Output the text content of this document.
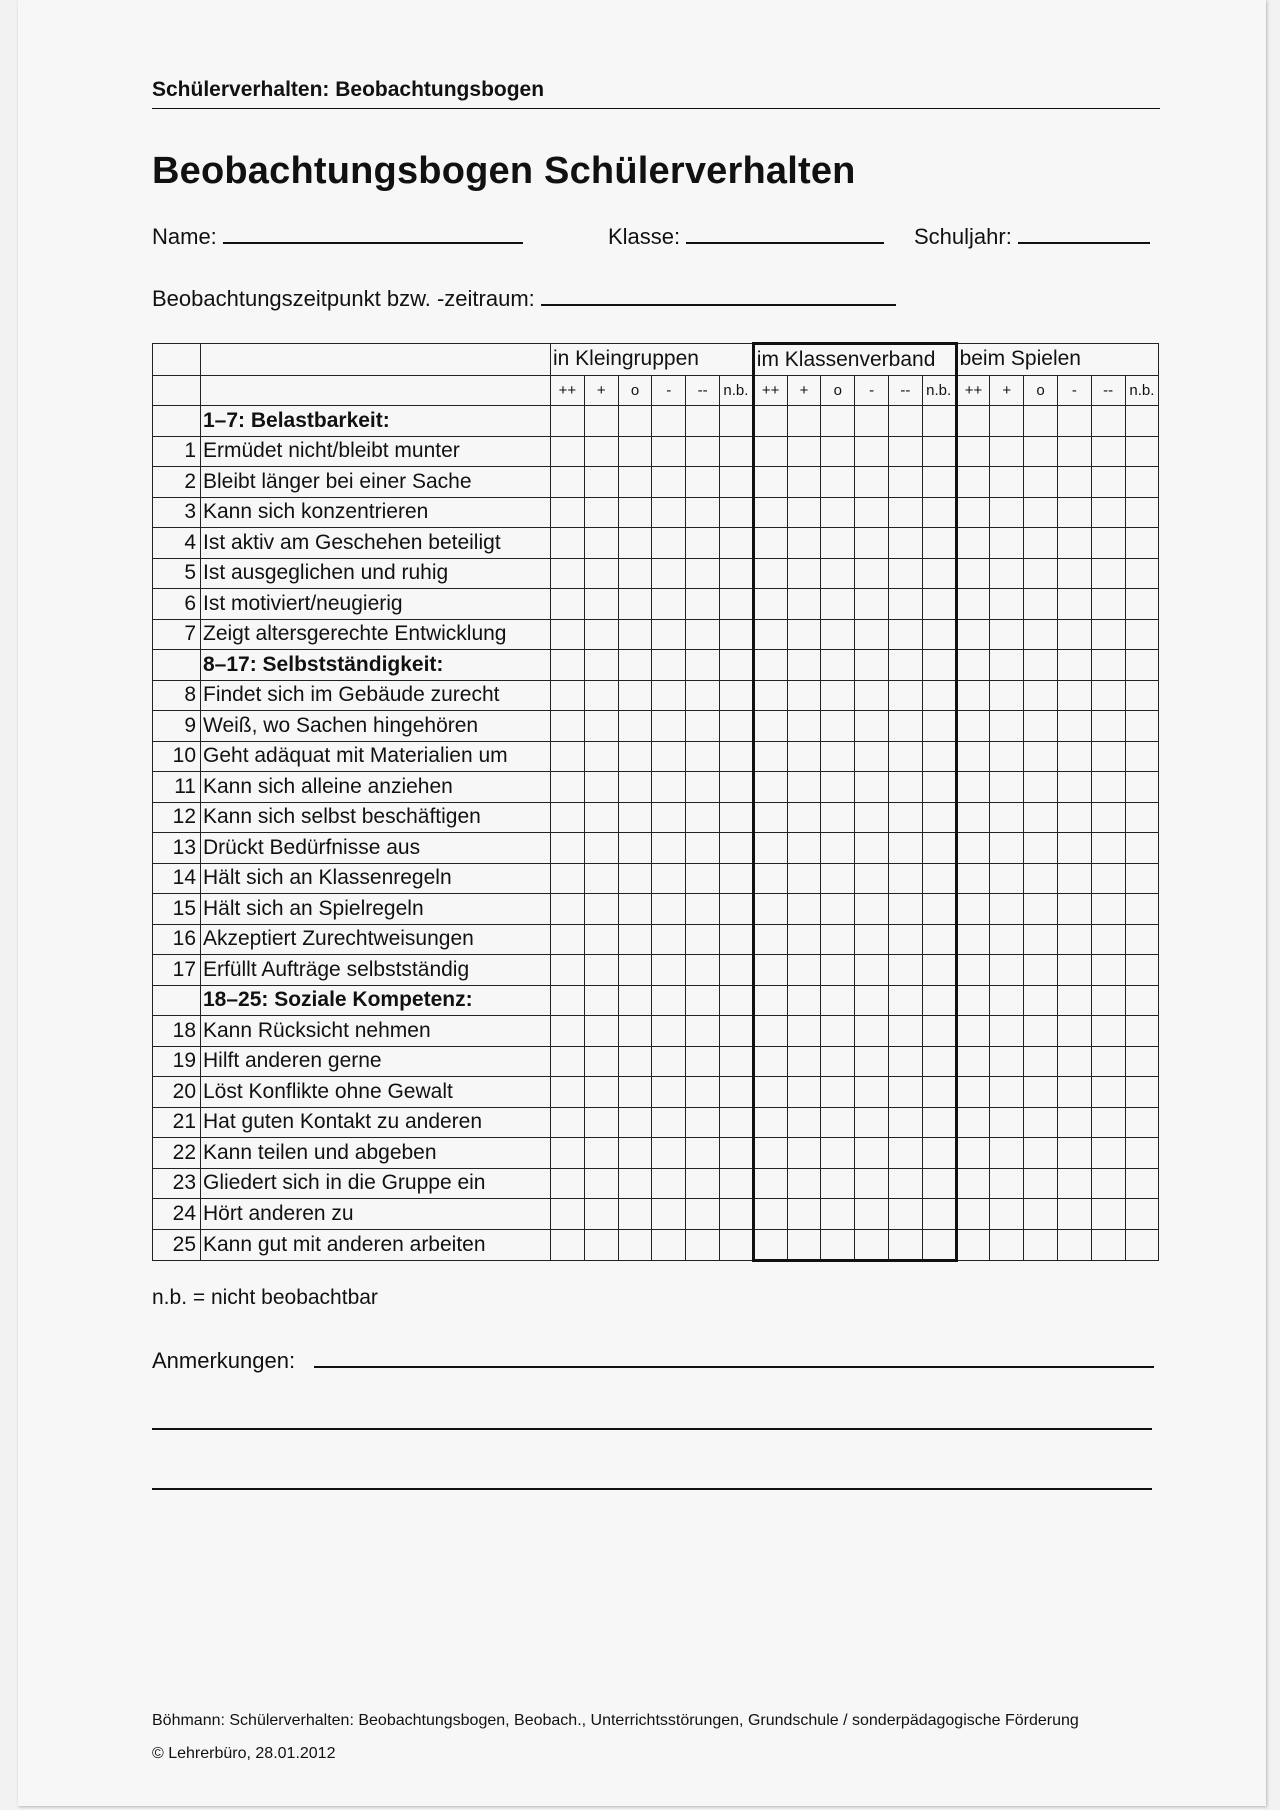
Schülerverhalten: Beobachtungsbogen
Beobachtungsbogen Schülerverhalten
Name:	Klasse:	Schuljahr:
Beobachtungszeitpunkt bzw. -zeitraum:
		in Kleingruppen						im Klassenverband						beim Spielen					
		++	+	o	-	--	n.b.	++	+	o	-	--	n.b.	++	+	o	-	--	n.b.
	1–7: Belastbarkeit:																		
1	Ermüdet nicht/bleibt munter																		
2	Bleibt länger bei einer Sache																		
3	Kann sich konzentrieren																		
4	Ist aktiv am Geschehen beteiligt																		
5	Ist ausgeglichen und ruhig																		
6	Ist motiviert/neugierig																		
7	Zeigt altersgerechte Entwicklung																		
	8–17: Selbstständigkeit:																		
8	Findet sich im Gebäude zurecht																		
9	Weiß, wo Sachen hingehören																		
10	Geht adäquat mit Materialien um																		
11	Kann sich alleine anziehen																		
12	Kann sich selbst beschäftigen																		
13	Drückt Bedürfnisse aus																		
14	Hält sich an Klassenregeln																		
15	Hält sich an Spielregeln																		
16	Akzeptiert Zurechtweisungen																		
17	Erfüllt Aufträge selbstständig																		
	18–25: Soziale Kompetenz:																		
18	Kann Rücksicht nehmen																		
19	Hilft anderen gerne																		
20	Löst Konflikte ohne Gewalt																		
21	Hat guten Kontakt zu anderen																		
22	Kann teilen und abgeben																		
23	Gliedert sich in die Gruppe ein																		
24	Hört anderen zu																		
25	Kann gut mit anderen arbeiten																		
n.b. = nicht beobachtbar
Anmerkungen:
Böhmann: Schülerverhalten: Beobachtungsbogen, Beobach., Unterrichtsstörungen, Grundschule / sonderpädagogische Förderung
© Lehrerbüro, 28.01.2012
